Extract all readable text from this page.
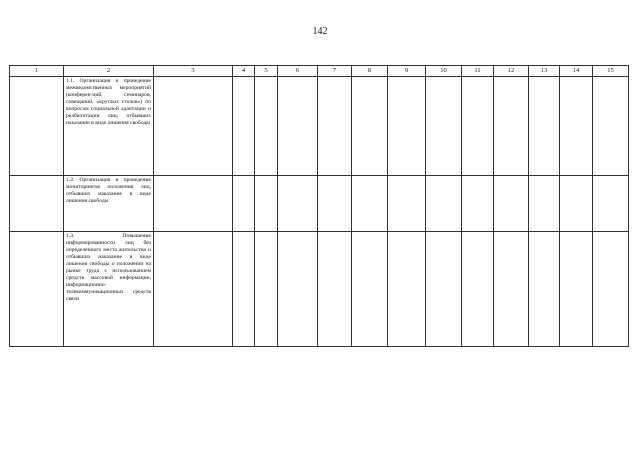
142
1	2	3	4	5	6	7	8	9	10	11	12	13	14	15
	1.1. Организация и проведение межведомственных мероприятий (конферен-ций, семинаров, совещаний, «круглых столов») по вопросам социальной адаптации и реабилитации лиц, отбывших наказание в виде лишения свободы													
	1.2. Организация и проведение мониторингов положения лиц, отбывших наказание в виде лишения свободы													
	1.3. Повышение информированности лиц без определенного места жительства и отбывших наказание в виде лишения свободы о положении на рынке труда с использованием средств массовой информации, информационно-телекоммуникационных средств связи													
